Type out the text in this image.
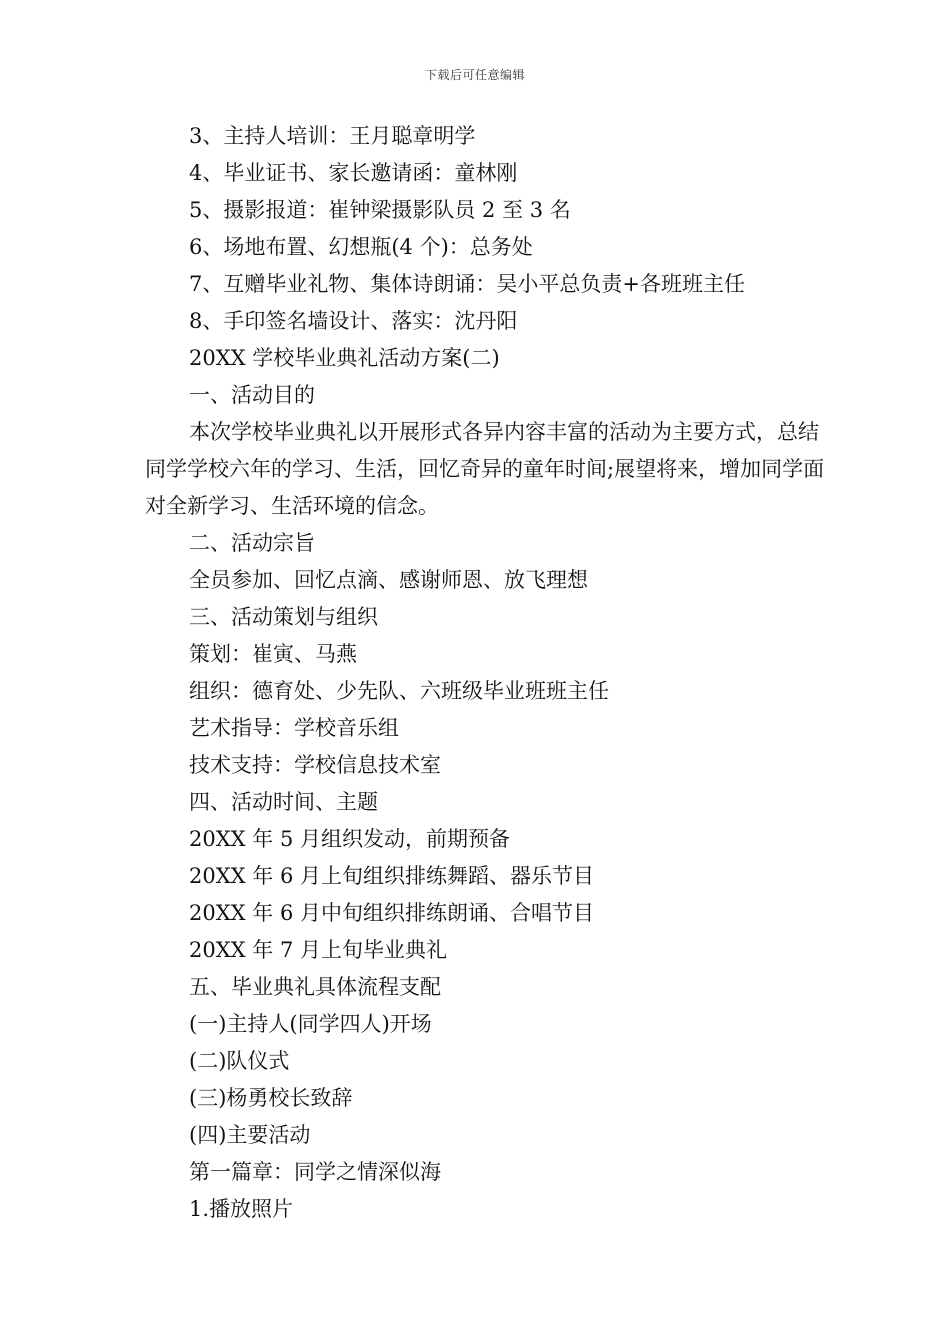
下载后可任意编辑
3、主持人培训：王月聪章明学
4、毕业证书、家长邀请函：童林刚
5、摄影报道：崔钟梁摄影队员 2 至 3 名
6、场地布置、幻想瓶(4 个)：总务处
7、互赠毕业礼物、集体诗朗诵：吴小平总负责+各班班主任
8、手印签名墙设计、落实：沈丹阳
20XX 学校毕业典礼活动方案(二)
一、活动目的

本次学校毕业典礼以开展形式各异内容丰富的活动为主要方式，总结同学学校六年的学习、生活，回忆奇异的童年时间;展望将来，增加同学面对全新学习、生活环境的信念。

二、活动宗旨
全员参加、回忆点滴、感谢师恩、放飞理想
三、活动策划与组织
策划：崔寅、马燕
组织：德育处、少先队、六班级毕业班班主任
艺术指导：学校音乐组
技术支持：学校信息技术室
四、活动时间、主题
20XX 年 5 月组织发动，前期预备
20XX 年 6 月上旬组织排练舞蹈、器乐节目
20XX 年 6 月中旬组织排练朗诵、合唱节目
20XX 年 7 月上旬毕业典礼
五、毕业典礼具体流程支配
(一)主持人(同学四人)开场
(二)队仪式
(三)杨勇校长致辞
(四)主要活动
第一篇章：同学之情深似海
1.播放照片
